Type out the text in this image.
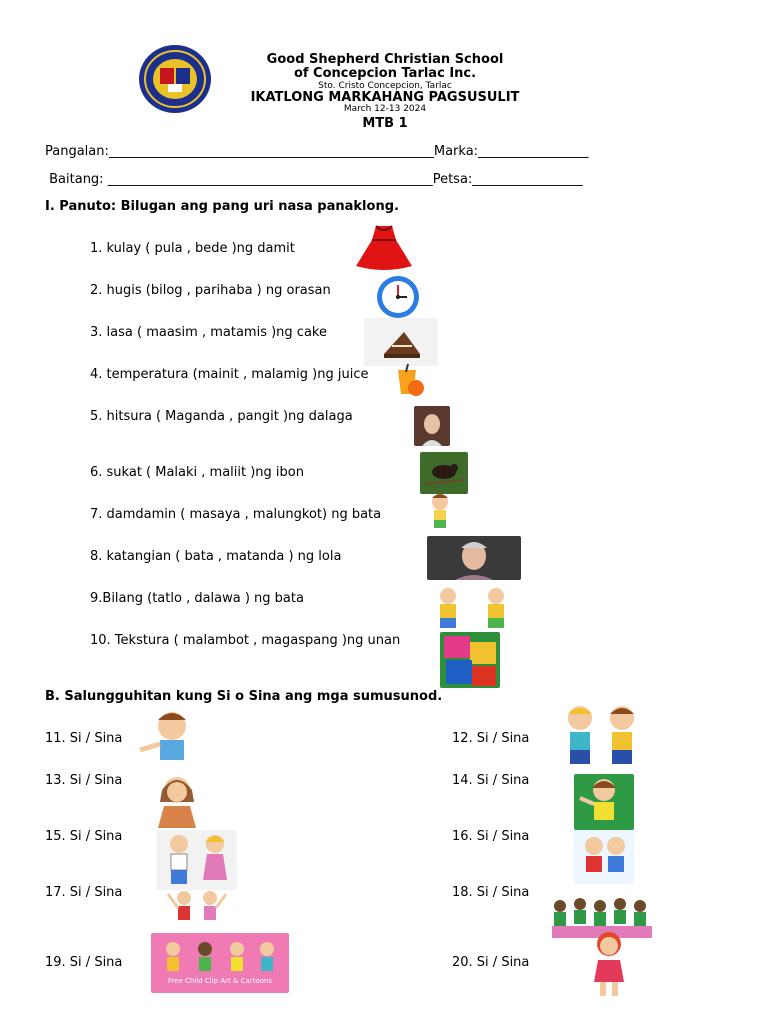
Good Shepherd Christian School
of Concepcion Tarlac Inc.
Sto. Cristo Concepcion, Tarlac
IKATLONG MARKAHANG PAGSUSULIT
March 12-13 2024
MTB 1
Pangalan:__________________________________________________Marka:_________________
Baitang: __________________________________________________Petsa:_________________
I. Panuto: Bilugan ang pang uri nasa panaklong.
1. kulay ( pula , bede )ng damit
2. hugis (bilog , parihaba ) ng orasan
3. lasa ( maasim , matamis )ng cake
4. temperatura (mainit , malamig )ng juice
5. hitsura ( Maganda , pangit )ng dalaga
6. sukat ( Malaki , maliit )ng ibon
7. damdamin ( masaya , malungkot) ng bata
8. katangian ( bata , matanda ) ng lola
9.Bilang (tatlo , dalawa ) ng bata
10. Tekstura ( malambot , magaspang )ng unan
B. Salungguhitan kung Si o Sina ang mga sumusunod.
11. Si / Sina
13. Si / Sina
15. Si / Sina
17. Si / Sina
19. Si / Sina
12. Si / Sina
14. Si / Sina
16. Si / Sina
18. Si / Sina
20. Si / Sina
Free Child Clip Art & Cartoons
